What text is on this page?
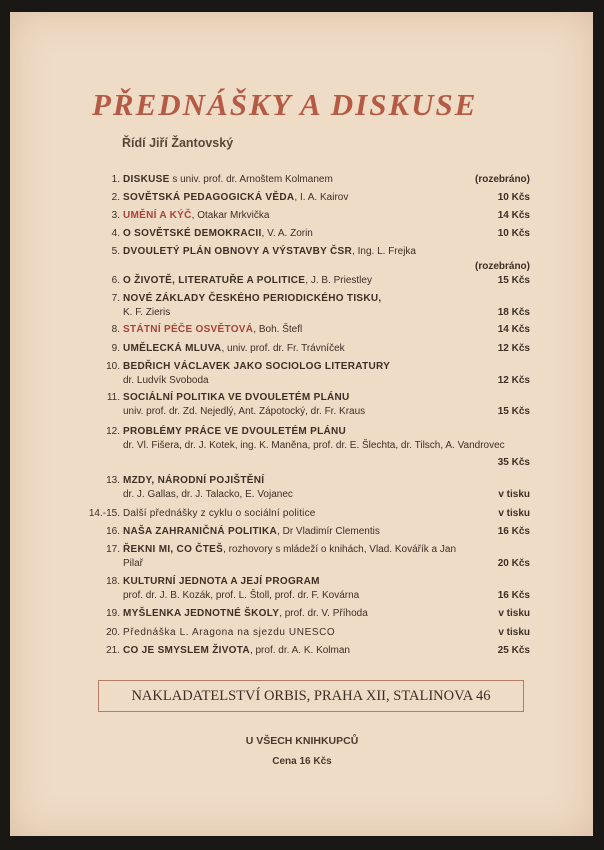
PŘEDNÁŠKY A DISKUSE
Řídí Jiří Žantovský
1. DISKUSE s univ. prof. dr. Arnoštem Kolmanem	(rozebráno)
2. SOVĚTSKÁ PEDAGOGICKÁ VĚDA, I. A. Kairov	10 Kčs
3. UMĚNÍ A KÝČ, Otakar Mrkvička	14 Kčs
4. O SOVĚTSKÉ DEMOKRACII, V. A. Zorin	10 Kčs
5. DVOULETÝ PLÁN OBNOVY A VÝSTAVBY ČSR, Ing. L. Frejka
(rozebráno)
6. O ŽIVOTĚ, LITERATUŘE A POLITICE, J. B. Priestley	15 Kčs
7. NOVÉ ZÁKLADY ČESKÉHO PERIODICKÉHO TISKU,
K. F. Zieris	18 Kčs
8. STÁTNÍ PÉČE OSVĚTOVÁ, Boh. Štefl	14 Kčs
9. UMĚLECKÁ MLUVA, univ. prof. dr. Fr. Trávníček	12 Kčs
10. BEDŘICH VÁCLAVEK JAKO SOCIOLOG LITERATURY
dr. Ludvík Svoboda	12 Kčs
11. SOCIÁLNÍ POLITIKA VE DVOULETÉM PLÁNU
univ. prof. dr. Zd. Nejedlý, Ant. Zápotocký, dr. Fr. Kraus	15 Kčs
12. PROBLÉMY PRÁCE VE DVOULETÉM PLÁNU
dr. Vl. Fišera, dr. J. Kotek, ing. K. Maněna, prof. dr. E. Šlechta, dr. Tilsch, A. Vandrovec
35 Kčs
13. MZDY, NÁRODNÍ POJIŠTĚNÍ
dr. J. Gallas, dr. J. Talacko, E. Vojanec	v tisku
14.-15. Další přednášky z cyklu o sociální politice	v tisku
16. NAŠA ZAHRANIČNÁ POLITIKA, Dr Vladimír Clementis	16 Kčs
17. ŘEKNI MI, CO ČTEŠ, rozhovory s mládeží o knihách, Vlad. Kovářík a Jan Pilař	20 Kčs
18. KULTURNÍ JEDNOTA A JEJÍ PROGRAM
prof. dr. J. B. Kozák, prof. L. Štoll, prof. dr. F. Kovárna	16 Kčs
19. MYŠLENKA JEDNOTNÉ ŠKOLY, prof. dr. V. Příhoda	v tisku
20. Přednáška L. Aragona na sjezdu UNESCO	v tisku
21. CO JE SMYSLEM ŽIVOTA, prof. dr. A. K. Kolman	25 Kčs
NAKLADATELSTVÍ ORBIS, PRAHA XII, STALINOVA 46
U VŠECH KNIHKUPCŮ
Cena 16 Kčs
